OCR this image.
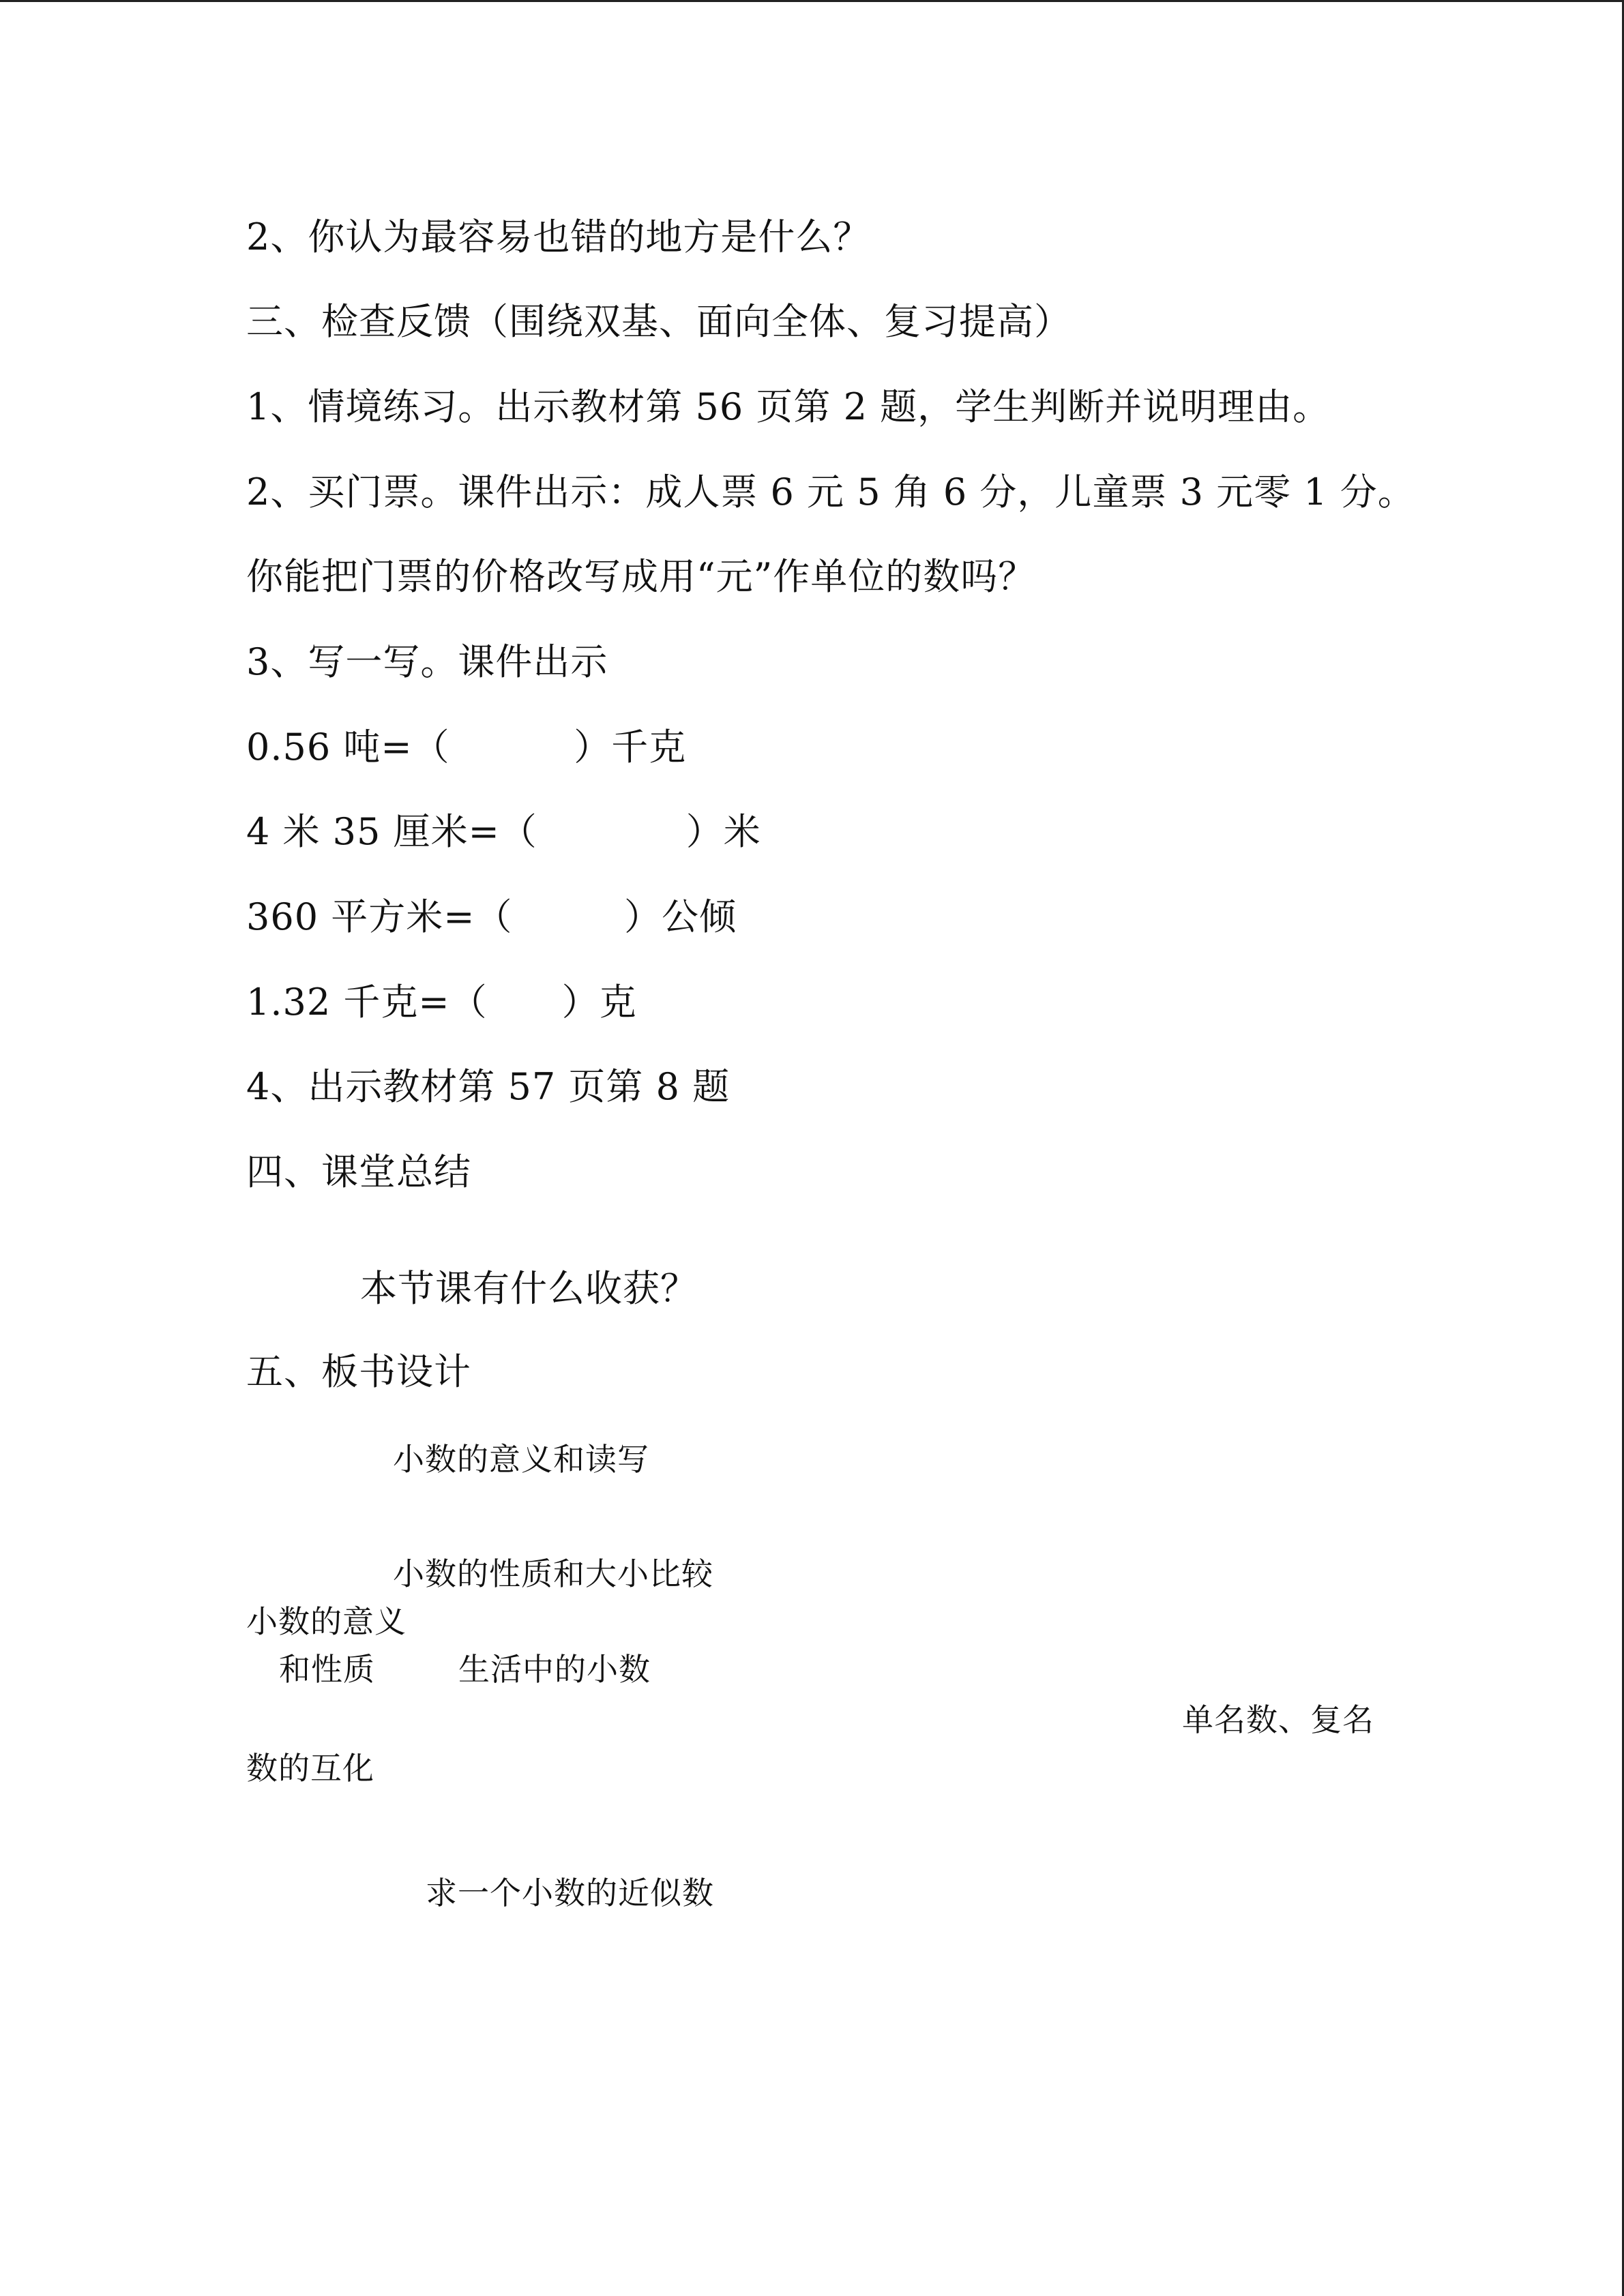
2、你认为最容易也错的地方是什么？
三、检查反馈（围绕双基、面向全体、复习提高）
1、情境练习。出示教材第 56 页第 2 题，学生判断并说明理由。
2、买门票。课件出示：成人票 6 元 5 角 6 分，儿童票 3 元零 1 分。
你能把门票的价格改写成用“元”作单位的数吗？
3、写一写。课件出示
0.56 吨=（          ）千克
4 米 35 厘米=（            ）米
360 平方米=（         ）公倾
1.32 千克=（      ）克
4、出示教材第 57 页第 8 题
四、课堂总结
本节课有什么收获？
五、板书设计
小数的意义和读写
小数的性质和大小比较
小数的意义
和性质	生活中的小数
单名数、复名
数的互化
求一个小数的近似数
